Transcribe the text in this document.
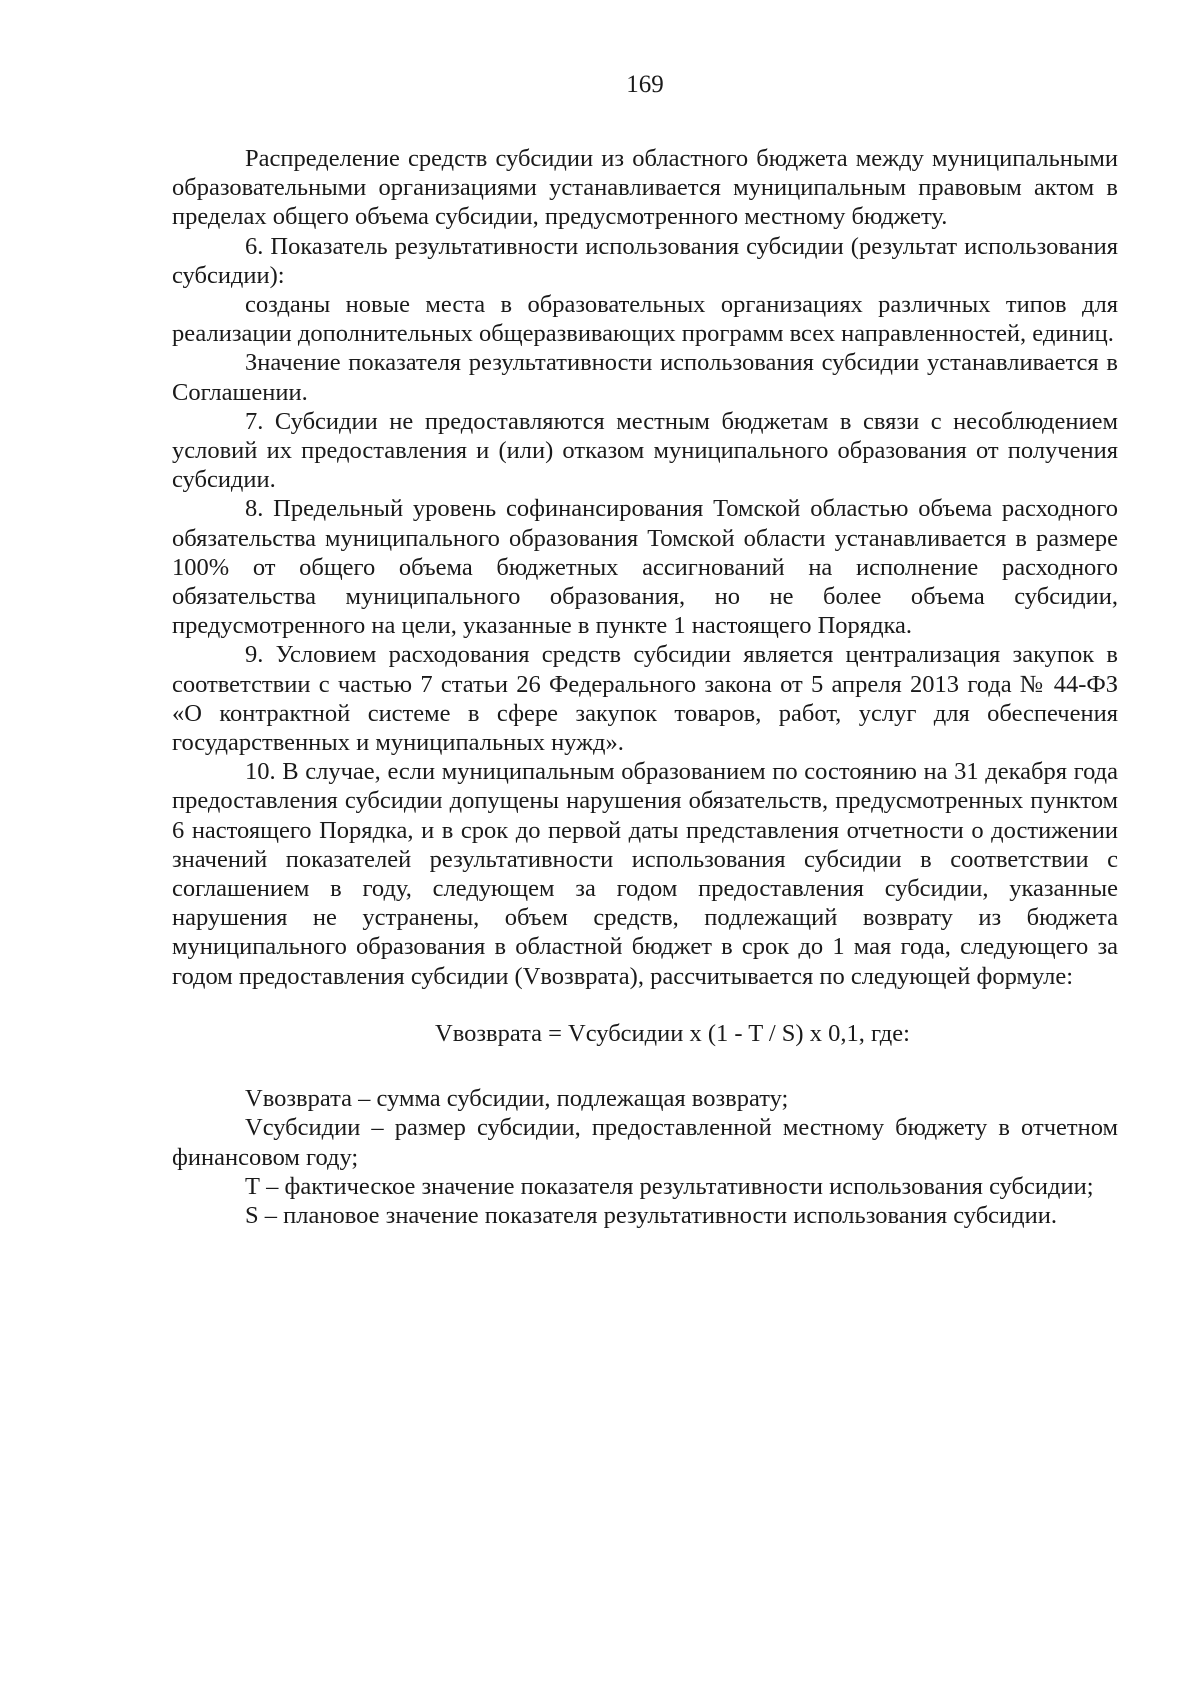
169

Распределение средств субсидии из областного бюджета между муниципальными образовательными организациями устанавливается муниципальным правовым актом в пределах общего объема субсидии, предусмотренного местному бюджету.

6. Показатель результативности использования субсидии (результат использования субсидии):

созданы новые места в образовательных организациях различных типов для реализации дополнительных общеразвивающих программ всех направленностей, единиц.

Значение показателя результативности использования субсидии устанавливается в Соглашении.

7. Субсидии не предоставляются местным бюджетам в связи с несоблюдением условий их предоставления и (или) отказом муниципального образования от получения субсидии.

8. Предельный уровень софинансирования Томской областью объема расходного обязательства муниципального образования Томской области устанавливается в размере 100% от общего объема бюджетных ассигнований на исполнение расходного обязательства муниципального образования, но не более объема субсидии, предусмотренного на цели, указанные в пункте 1 настоящего Порядка.

9. Условием расходования средств субсидии является централизация закупок в соответствии с частью 7 статьи 26 Федерального закона от 5 апреля 2013 года № 44-ФЗ «О контрактной системе в сфере закупок товаров, работ, услуг для обеспечения государственных и муниципальных нужд».

10. В случае, если муниципальным образованием по состоянию на 31 декабря года предоставления субсидии допущены нарушения обязательств, предусмотренных пунктом 6 настоящего Порядка, и в срок до первой даты представления отчетности о достижении значений показателей результативности использования субсидии в соответствии с соглашением в году, следующем за годом предоставления субсидии, указанные нарушения не устранены, объем средств, подлежащий возврату из бюджета муниципального образования в областной бюджет в срок до 1 мая года, следующего за годом предоставления субсидии (Vвозврата), рассчитывается по следующей формуле:

Vвозврата = Vсубсидии x (1 - T / S) x 0,1, где:

Vвозврата – сумма субсидии, подлежащая возврату;

Vсубсидии – размер субсидии, предоставленной местному бюджету в отчетном финансовом году;

Т – фактическое значение показателя результативности использования субсидии;

S – плановое значение показателя результативности использования субсидии.
